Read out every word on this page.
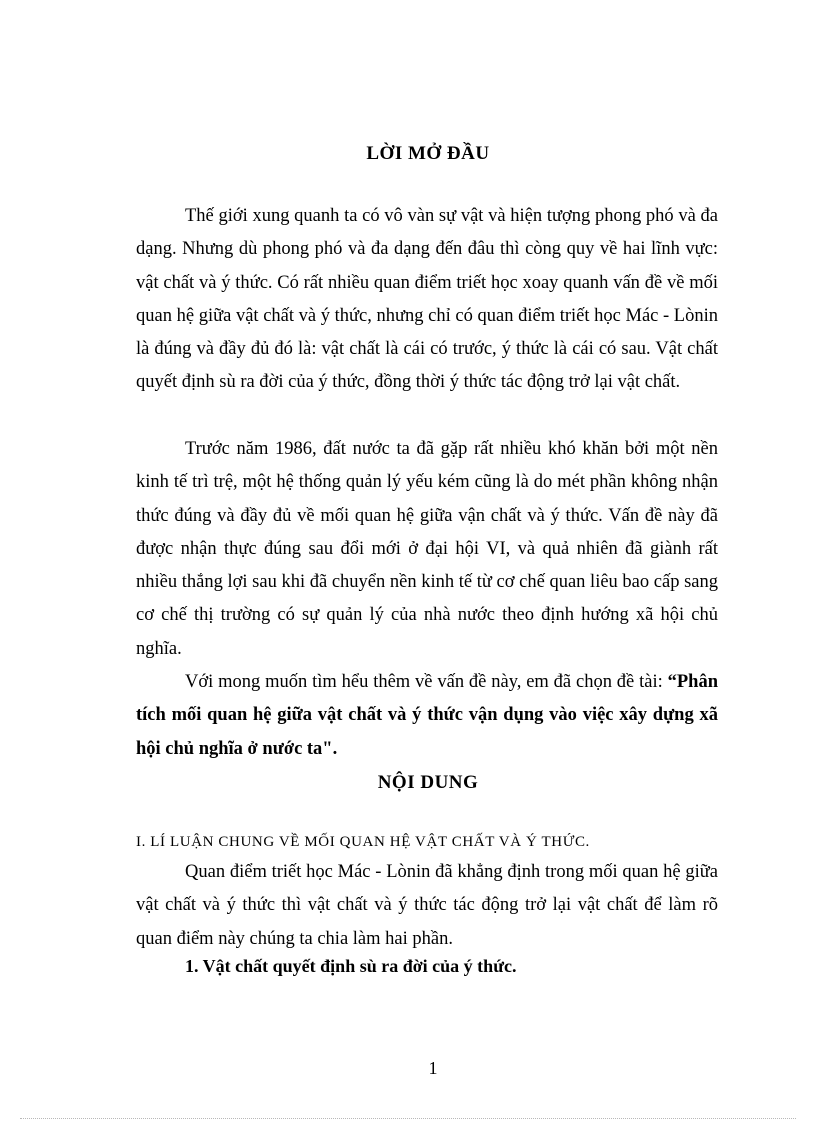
LỜI MỞ ĐẦU

Thế giới xung quanh ta có vô vàn sự vật và hiện tượng phong phó và đa dạng. Nhưng dù phong phó và đa dạng đến đâu thì còng quy về hai lĩnh vực: vật chất và ý thức. Có rất nhiều quan điểm triết học xoay quanh vấn đề về mối quan hệ giữa vật chất và ý thức, nhưng chỉ có quan điểm triết học Mác - Lònin là đúng và đầy đủ đó là: vật chất là cái có trước, ý thức là cái có sau. Vật chất quyết định sù ra đời của ý thức, đồng thời ý thức tác động trở lại vật chất.

Trước năm 1986, đất nước ta đã gặp rất nhiều khó khăn bởi một nền kinh tế trì trệ, một hệ thống quản lý yếu kém cũng là do mét phần không nhận thức đúng và đầy đủ về mối quan hệ giữa vận chất và ý thức. Vấn đề này đã được nhận thực đúng sau đổi mới ở đại hội VI, và quả nhiên đã giành rất nhiều thắng lợi sau khi đã chuyển nền kinh tế từ cơ chế quan liêu bao cấp sang cơ chế thị trường có sự quản lý của nhà nước theo định hướng xã hội chủ nghĩa.

Với mong muốn tìm hểu thêm về vấn đề này, em đã chọn đề tài: “Phân tích mối quan hệ giữa vật chất và ý thức vận dụng vào việc xây dựng xã hội chủ nghĩa ở nước ta".

NỘI DUNG
I. LÍ LUẬN CHUNG VỀ MỐI QUAN HỆ VẬT CHẤT VÀ Ý THỨC.

Quan điểm triết học Mác - Lònin đã khẳng định trong mối quan hệ giữa vật chất và ý thức thì vật chất và ý thức tác động trở lại vật chất để làm rõ quan điểm này chúng ta chia làm hai phần.

1. Vật chất quyết định sù ra đời của ý thức.
1
